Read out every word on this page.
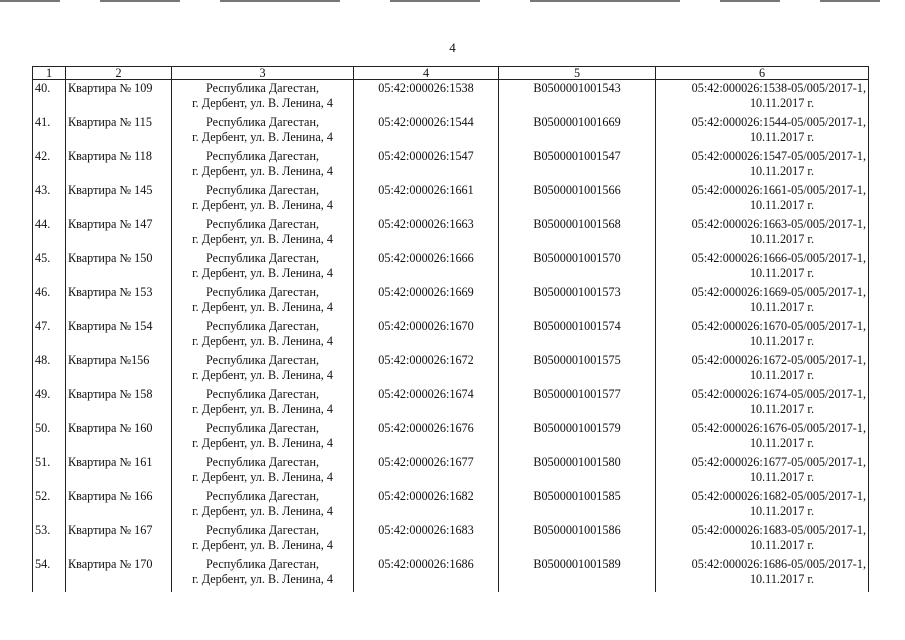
4
1	2	3	4	5	6
40.	Квартира № 109	Республика Дагестан,
г. Дербент, ул. В. Ленина, 4	05:42:000026:1538	В0500001001543	05:42:000026:1538-05/005/2017-1,
10.11.2017 г.

41.	Квартира № 115	Республика Дагестан,
г. Дербент, ул. В. Ленина, 4	05:42:000026:1544	В0500001001669	05:42:000026:1544-05/005/2017-1,
10.11.2017 г.

42.	Квартира № 118	Республика Дагестан,
г. Дербент, ул. В. Ленина, 4	05:42:000026:1547	В0500001001547	05:42:000026:1547-05/005/2017-1,
10.11.2017 г.

43.	Квартира № 145	Республика Дагестан,
г. Дербент, ул. В. Ленина, 4	05:42:000026:1661	В0500001001566	05:42:000026:1661-05/005/2017-1,
10.11.2017 г.

44.	Квартира № 147	Республика Дагестан,
г. Дербент, ул. В. Ленина, 4	05:42:000026:1663	В0500001001568	05:42:000026:1663-05/005/2017-1,
10.11.2017 г.

45.	Квартира № 150	Республика Дагестан,
г. Дербент, ул. В. Ленина, 4	05:42:000026:1666	В0500001001570	05:42:000026:1666-05/005/2017-1,
10.11.2017 г.

46.	Квартира № 153	Республика Дагестан,
г. Дербент, ул. В. Ленина, 4	05:42:000026:1669	В0500001001573	05:42:000026:1669-05/005/2017-1,
10.11.2017 г.

47.	Квартира № 154	Республика Дагестан,
г. Дербент, ул. В. Ленина, 4	05:42:000026:1670	В0500001001574	05:42:000026:1670-05/005/2017-1,
10.11.2017 г.

48.	Квартира №156	Республика Дагестан,
г. Дербент, ул. В. Ленина, 4	05:42:000026:1672	В0500001001575	05:42:000026:1672-05/005/2017-1,
10.11.2017 г.

49.	Квартира № 158	Республика Дагестан,
г. Дербент, ул. В. Ленина, 4	05:42:000026:1674	В0500001001577	05:42:000026:1674-05/005/2017-1,
10.11.2017 г.

50.	Квартира № 160	Республика Дагестан,
г. Дербент, ул. В. Ленина, 4	05:42:000026:1676	В0500001001579	05:42:000026:1676-05/005/2017-1,
10.11.2017 г.

51.	Квартира № 161	Республика Дагестан,
г. Дербент, ул. В. Ленина, 4	05:42:000026:1677	В0500001001580	05:42:000026:1677-05/005/2017-1,
10.11.2017 г.

52.	Квартира № 166	Республика Дагестан,
г. Дербент, ул. В. Ленина, 4	05:42:000026:1682	В0500001001585	05:42:000026:1682-05/005/2017-1,
10.11.2017 г.

53.	Квартира № 167	Республика Дагестан,
г. Дербент, ул. В. Ленина, 4	05:42:000026:1683	В0500001001586	05:42:000026:1683-05/005/2017-1,
10.11.2017 г.

54.	Квартира № 170	Республика Дагестан,
г. Дербент, ул. В. Ленина, 4	05:42:000026:1686	В0500001001589	05:42:000026:1686-05/005/2017-1,
10.11.2017 г.
